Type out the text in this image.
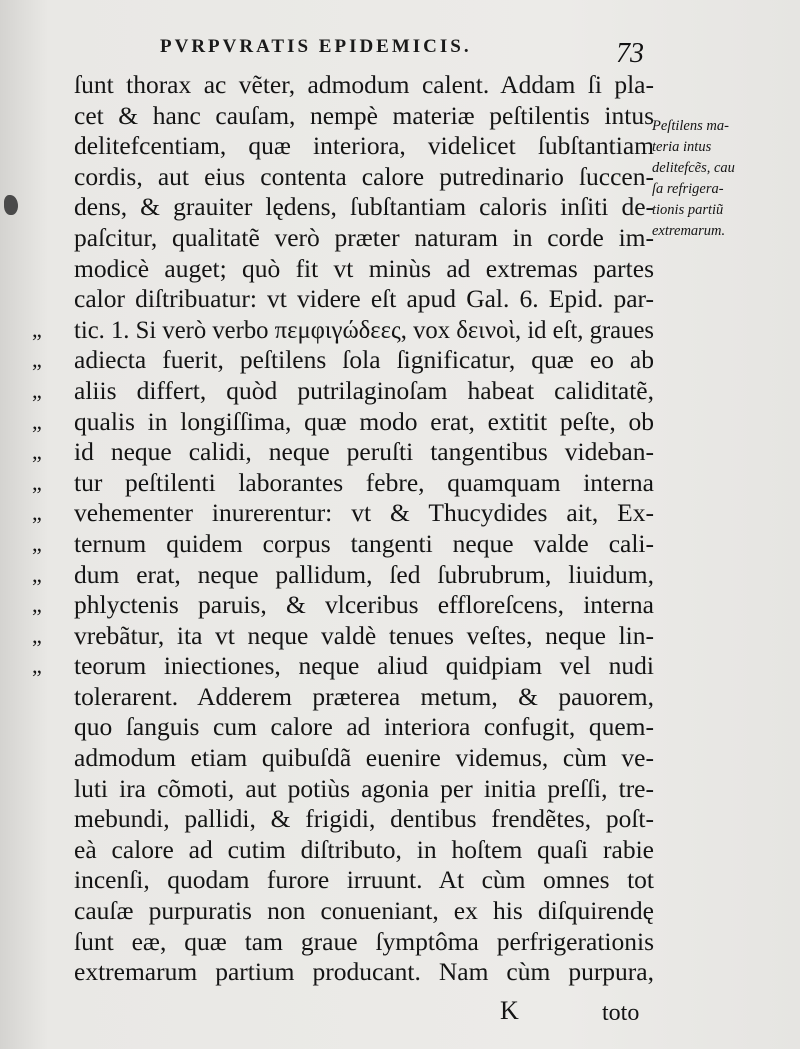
PVRPVRATIS EPIDEMICIS.	73
ſunt thorax ac vẽter, admodum calent. Addam ſi pla-
cet & hanc cauſam, nempè materiæ peſtilentis intus
delitefcentiam, quæ interiora, videlicet ſubſtantiam
cordis, aut eius contenta calore putredinario ſuccen-
dens, & grauiter lędens, ſubſtantiam caloris inſiti de-
paſcitur, qualitatẽ verò præter naturam in corde im-
modicè auget; quò fit vt minùs ad extremas partes
calor diſtribuatur: vt videre eſt apud Gal. 6. Epid. par-
„ tic. 1. Si verò verbo πεμφιγώδεες, vox δεινοὶ, id eſt, graues
„ adiecta fuerit, peſtilens ſola ſignificatur, quæ eo ab
„ aliis differt, quòd putrilaginoſam habeat caliditatẽ,
„ qualis in longiſſima, quæ modo erat, extitit peſte, ob
„ id neque calidi, neque peruſti tangentibus videban-
„ tur peſtilenti laborantes febre, quamquam interna
„ vehementer inurerentur: vt & Thucydides ait, Ex-
„ ternum quidem corpus tangenti neque valde cali-
„ dum erat, neque pallidum, ſed ſubrubrum, liuidum,
„ phlyctenis paruis, & vlceribus effloreſcens, interna
„ vrebãtur, ita vt neque valdè tenues veſtes, neque lin-
„ teorum iniectiones, neque aliud quidpiam vel nudi
tolerarent. Adderem præterea metum, & pauorem,
quo ſanguis cum calore ad interiora confugit, quem-
admodum etiam quibuſdã euenire videmus, cùm ve-
luti ira cõmoti, aut potiùs agonia per initia preſſi, tre-
mebundi, pallidi, & frigidi, dentibus frendẽtes, poſt-
eà calore ad cutim diſtributo, in hoſtem quaſi rabie
incenſi, quodam furore irruunt. At cùm omnes tot
cauſæ purpuratis non conueniant, ex his diſquirendę
ſunt eæ, quæ tam graue ſymptôma perfrigerationis
extremarum partium producant. Nam cùm purpura,
Peſtilens ma-
teria intus
delitefcẽs, cau
ſa refrigera-
tionis partiũ
extremarum.
K	toto
